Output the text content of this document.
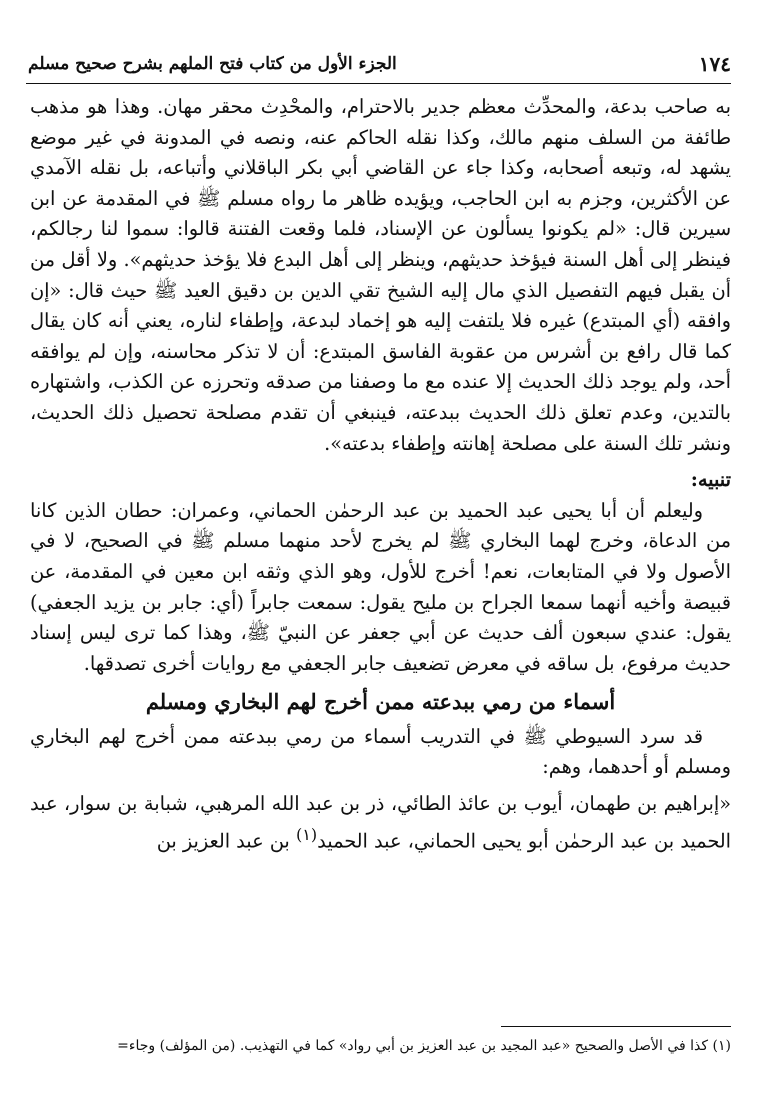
١٧٤
الجزء الأول من كتاب فتح الملهم بشرح صحيح مسلم

به صاحب بدعة، والمحدِّث معظم جدير بالاحترام، والمحْدِث محقر مهان. وهذا هو مذهب طائفة من السلف منهم مالك، وكذا نقله الحاكم عنه، ونصه في المدونة في غير موضع يشهد له، وتبعه أصحابه، وكذا جاء عن القاضي أبي بكر الباقلاني وأتباعه، بل نقله الآمدي عن الأكثرين، وجزم به ابن الحاجب، ويؤيده ظاهر ما رواه مسلم ﷺ في المقدمة عن ابن سيرين قال: «لم يكونوا يسألون عن الإسناد، فلما وقعت الفتنة قالوا: سموا لنا رجالكم، فينظر إلى أهل السنة فيؤخذ حديثهم، وينظر إلى أهل البدع فلا يؤخذ حديثهم». ولا أقل من أن يقبل فيهم التفصيل الذي مال إليه الشيخ تقي الدين بن دقيق العيد ﷺ حيث قال: «إن وافقه (أي المبتدع) غيره فلا يلتفت إليه هو إخماد لبدعة، وإطفاء لناره، يعني أنه كان يقال كما قال رافع بن أشرس من عقوبة الفاسق المبتدع: أن لا تذكر محاسنه، وإن لم يوافقه أحد، ولم يوجد ذلك الحديث إلا عنده مع ما وصفنا من صدقه وتحرزه عن الكذب، واشتهاره بالتدين، وعدم تعلق ذلك الحديث ببدعته، فينبغي أن تقدم مصلحة تحصيل ذلك الحديث، ونشر تلك السنة على مصلحة إهانته وإطفاء بدعته».

تنبيه:

وليعلم أن أبا يحيى عبد الحميد بن عبد الرحمٰن الحماني، وعمران: حطان الذين كانا من الدعاة، وخرج لهما البخاري ﷺ لم يخرج لأحد منهما مسلم ﷺ في الصحيح، لا في الأصول ولا في المتابعات، نعم! أخرج للأول، وهو الذي وثقه ابن معين في المقدمة، عن قبيصة وأخيه أنهما سمعا الجراح بن مليح يقول: سمعت جابراً (أي: جابر بن يزيد الجعفي) يقول: عندي سبعون ألف حديث عن أبي جعفر عن النبيّ ﷺ، وهذا كما ترى ليس إسناد حديث مرفوع، بل ساقه في معرض تضعيف جابر الجعفي مع روايات أخرى تصدقها.

أسماء من رمي ببدعته ممن أخرج لهم البخاري ومسلم

قد سرد السيوطي ﷺ في التدريب أسماء من رمي ببدعته ممن أخرج لهم البخاري ومسلم أو أحدهما، وهم:

«إبراهيم بن طهمان، أيوب بن عائذ الطائي، ذر بن عبد الله المرهبي، شبابة بن سوار، عبد الحميد بن عبد الرحمٰن أبو يحيى الحماني، عبد الحميد$^{(١)}$ بن عبد العزيز بن

(١) كذا في الأصل والصحيح «عبد المجيد بن عبد العزيز بن أبي رواد» كما في التهذيب. (من المؤلف) وجاء=
